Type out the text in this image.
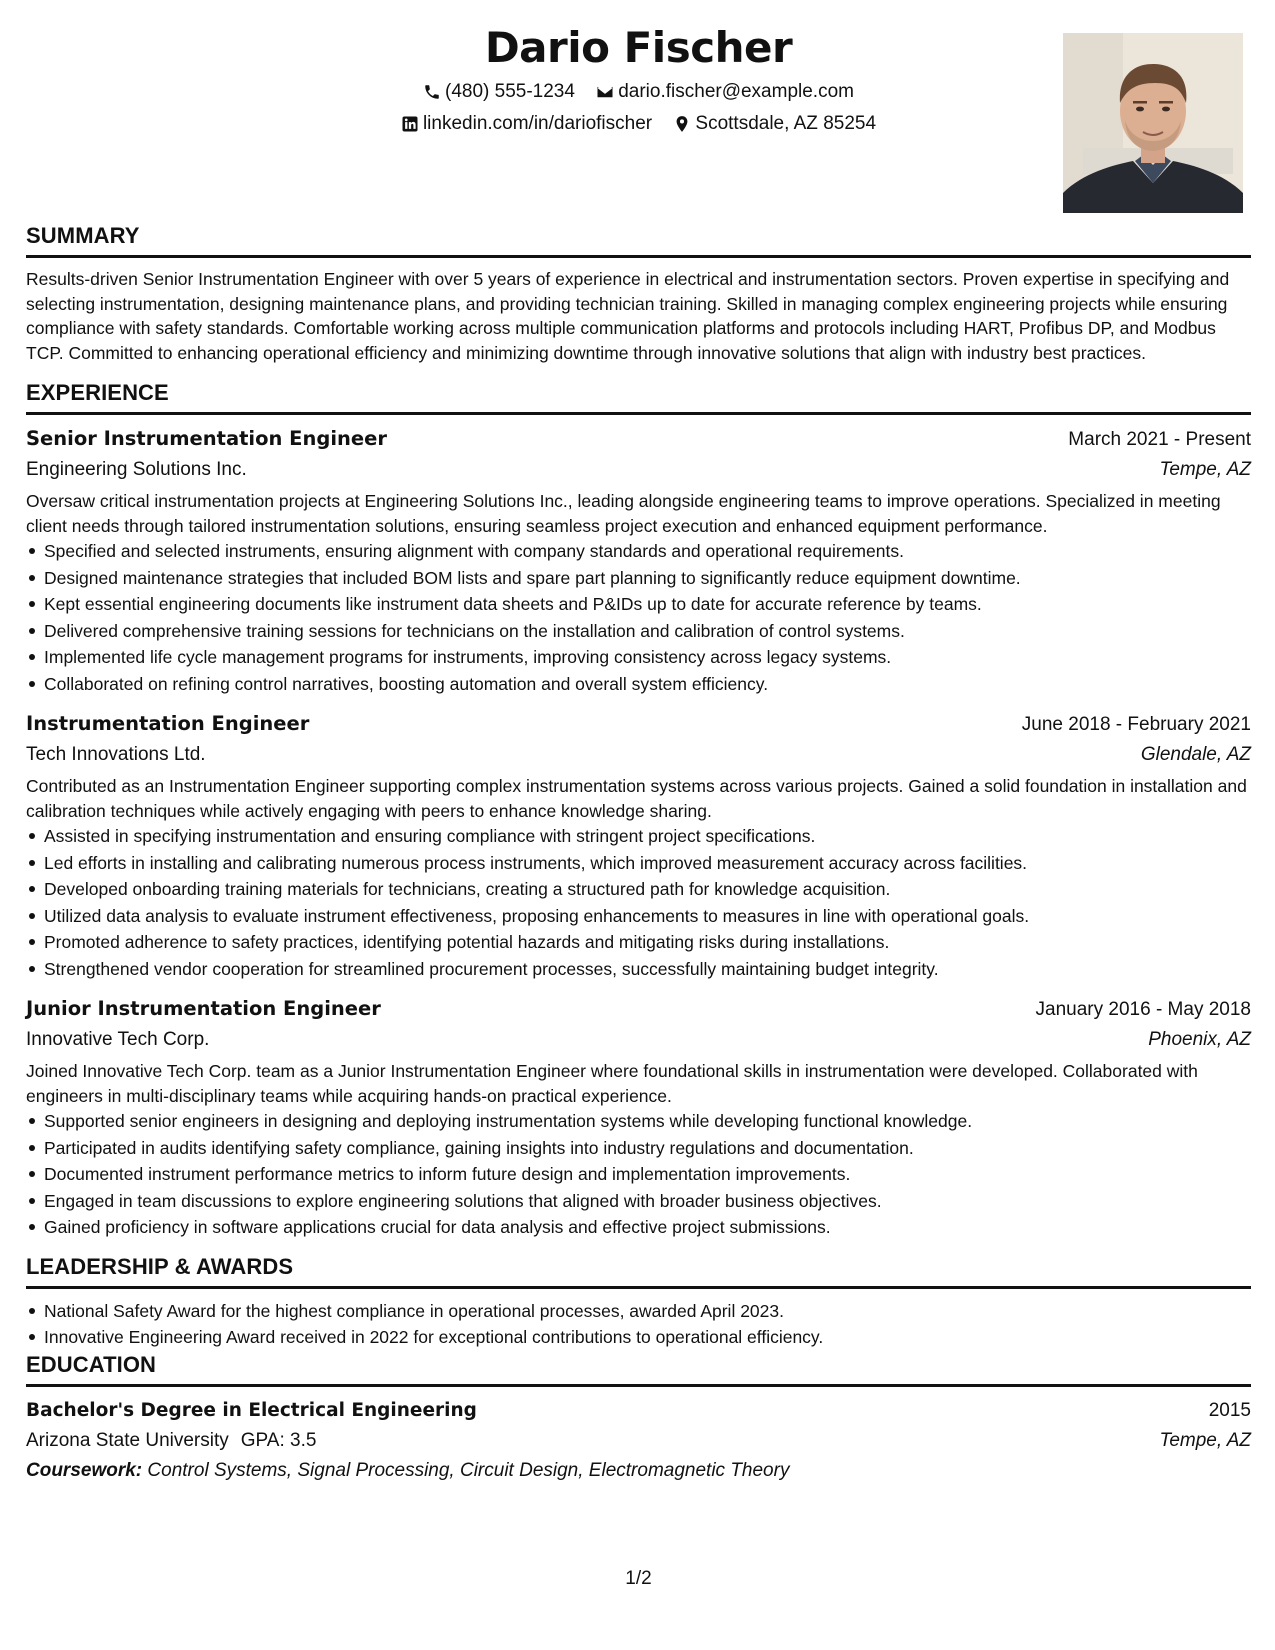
Dario Fischer
(480) 555-1234
dario.fischer@example.com
linkedin.com/in/dariofischer
Scottsdale, AZ 85254
SUMMARY

Results-driven Senior Instrumentation Engineer with over 5 years of experience in electrical and instrumentation sectors. Proven expertise in specifying and selecting instrumentation, designing maintenance plans, and providing technician training. Skilled in managing complex engineering projects while ensuring compliance with safety standards. Comfortable working across multiple communication platforms and protocols including HART, Profibus DP, and Modbus TCP. Committed to enhancing operational efficiency and minimizing downtime through innovative solutions that align with industry best practices.

EXPERIENCE
Senior Instrumentation Engineer	March 2021 - Present
Engineering Solutions Inc.	Tempe, AZ
Oversaw critical instrumentation projects at Engineering Solutions Inc., leading alongside engineering teams to improve operations. Specialized in meeting client needs through tailored instrumentation solutions, ensuring seamless project execution and enhanced equipment performance.
Specified and selected instruments, ensuring alignment with company standards and operational requirements.
Designed maintenance strategies that included BOM lists and spare part planning to significantly reduce equipment downtime.
Kept essential engineering documents like instrument data sheets and P&IDs up to date for accurate reference by teams.
Delivered comprehensive training sessions for technicians on the installation and calibration of control systems.
Implemented life cycle management programs for instruments, improving consistency across legacy systems.
Collaborated on refining control narratives, boosting automation and overall system efficiency.
Instrumentation Engineer	June 2018 - February 2021
Tech Innovations Ltd.	Glendale, AZ
Contributed as an Instrumentation Engineer supporting complex instrumentation systems across various projects. Gained a solid foundation in installation and calibration techniques while actively engaging with peers to enhance knowledge sharing.
Assisted in specifying instrumentation and ensuring compliance with stringent project specifications.
Led efforts in installing and calibrating numerous process instruments, which improved measurement accuracy across facilities.
Developed onboarding training materials for technicians, creating a structured path for knowledge acquisition.
Utilized data analysis to evaluate instrument effectiveness, proposing enhancements to measures in line with operational goals.
Promoted adherence to safety practices, identifying potential hazards and mitigating risks during installations.
Strengthened vendor cooperation for streamlined procurement processes, successfully maintaining budget integrity.
Junior Instrumentation Engineer	January 2016 - May 2018
Innovative Tech Corp.	Phoenix, AZ
Joined Innovative Tech Corp. team as a Junior Instrumentation Engineer where foundational skills in instrumentation were developed. Collaborated with engineers in multi-disciplinary teams while acquiring hands-on practical experience.
Supported senior engineers in designing and deploying instrumentation systems while developing functional knowledge.
Participated in audits identifying safety compliance, gaining insights into industry regulations and documentation.
Documented instrument performance metrics to inform future design and implementation improvements.
Engaged in team discussions to explore engineering solutions that aligned with broader business objectives.
Gained proficiency in software applications crucial for data analysis and effective project submissions.
LEADERSHIP & AWARDS
National Safety Award for the highest compliance in operational processes, awarded April 2023.
Innovative Engineering Award received in 2022 for exceptional contributions to operational efficiency.
EDUCATION
Bachelor's Degree in Electrical Engineering	2015
Arizona State University GPA: 3.5	Tempe, AZ
Coursework: Control Systems, Signal Processing, Circuit Design, Electromagnetic Theory
1/2
